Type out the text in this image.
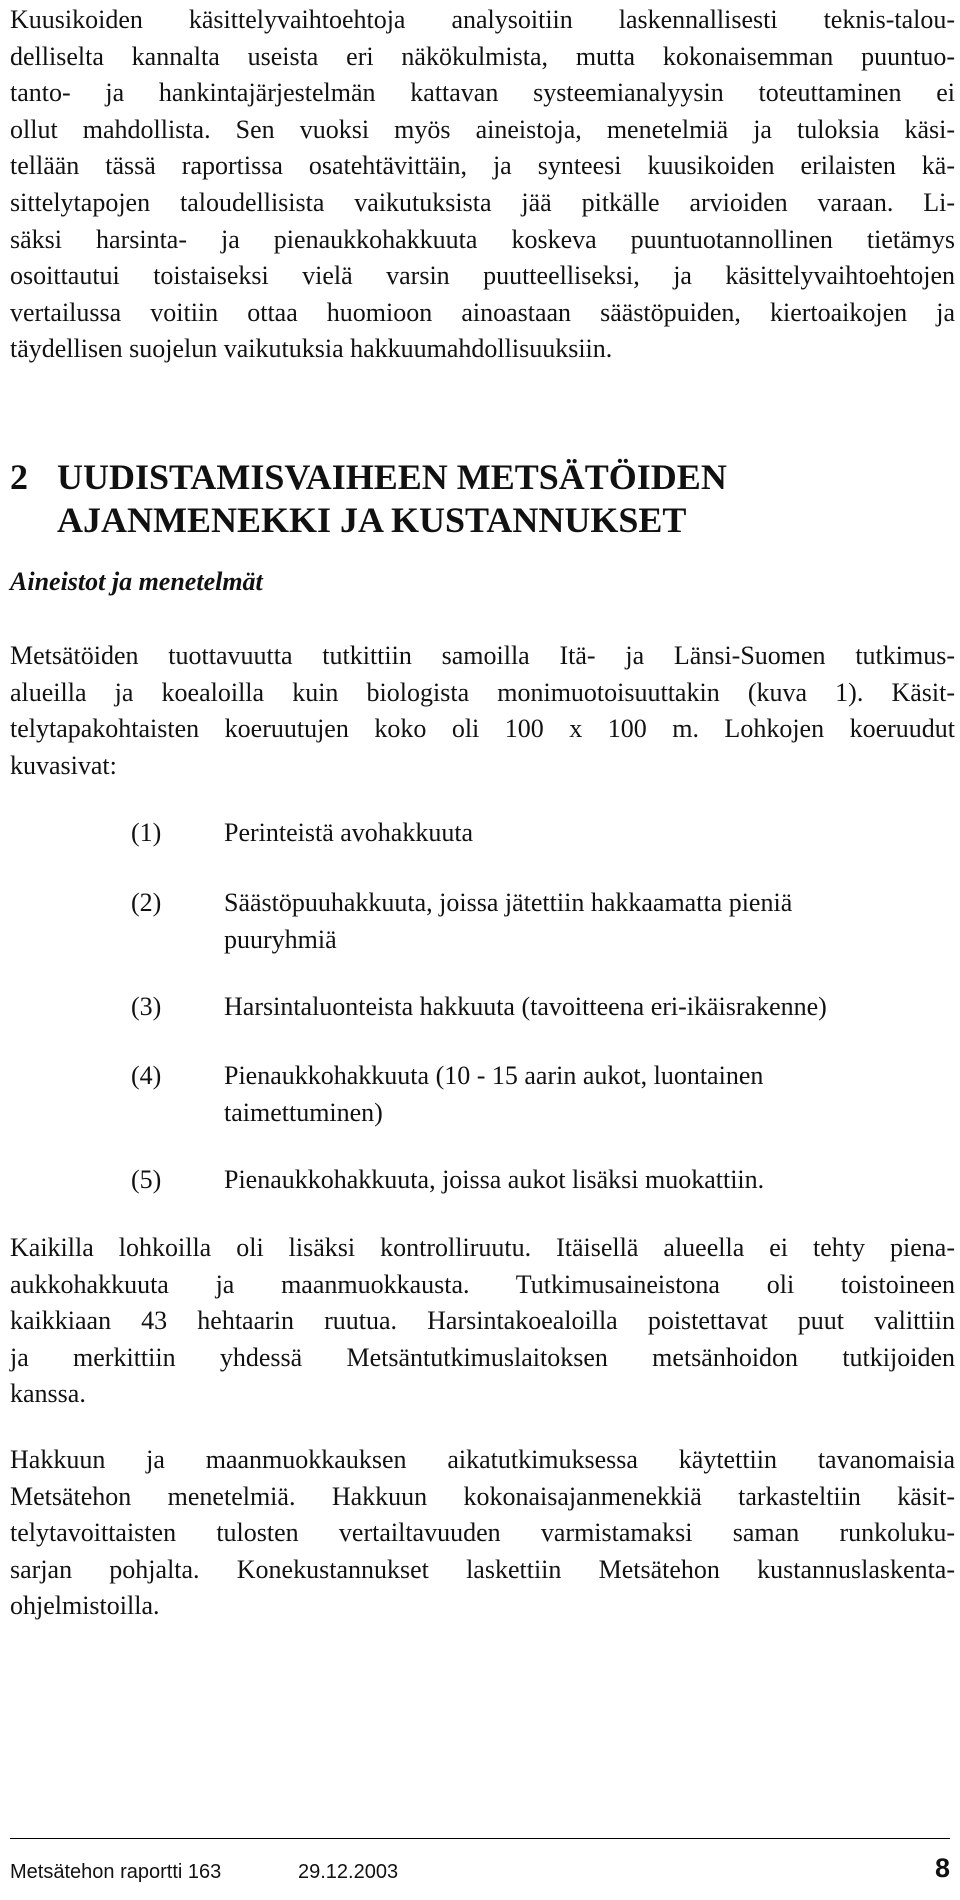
Kuusikoiden käsittelyvaihtoehtoja analysoitiin laskennallisesti teknis-talou-
delliselta kannalta useista eri näkökulmista, mutta kokonaisemman puuntuo-
tanto- ja hankintajärjestelmän kattavan systeemianalyysin toteuttaminen ei
ollut mahdollista. Sen vuoksi myös aineistoja, menetelmiä ja tuloksia käsi-
tellään tässä raportissa osatehtävittäin, ja synteesi kuusikoiden erilaisten kä-
sittelytapojen taloudellisista vaikutuksista jää pitkälle arvioiden varaan. Li-
säksi harsinta- ja pienaukkohakkuuta koskeva puuntuotannollinen tietämys
osoittautui toistaiseksi vielä varsin puutteelliseksi, ja käsittelyvaihtoehtojen
vertailussa voitiin ottaa huomioon ainoastaan säästöpuiden, kiertoaikojen ja
täydellisen suojelun vaikutuksia hakkuumahdollisuuksiin.
2 UUDISTAMISVAIHEEN METSÄTÖIDEN
AJANMENEKKI JA KUSTANNUKSET
Aineistot ja menetelmät
Metsätöiden tuottavuutta tutkittiin samoilla Itä- ja Länsi-Suomen tutkimus-
alueilla ja koealoilla kuin biologista monimuotoisuuttakin (kuva 1). Käsit-
telytapakohtaisten koeruutujen koko oli 100 x 100 m. Lohkojen koeruudut
kuvasivat:
(1) Perinteistä avohakkuuta
(2) Säästöpuuhakkuuta, joissa jätettiin hakkaamatta pieniä
puuryhmiä
(3) Harsintaluonteista hakkuuta (tavoitteena eri-ikäisrakenne)
(4) Pienaukkohakkuuta (10 - 15 aarin aukot, luontainen
taimettuminen)
(5) Pienaukkohakkuuta, joissa aukot lisäksi muokattiin.
Kaikilla lohkoilla oli lisäksi kontrolliruutu. Itäisellä alueella ei tehty piena-
aukkohakkuuta ja maanmuokkausta. Tutkimusaineistona oli toistoineen
kaikkiaan 43 hehtaarin ruutua. Harsintakoealoilla poistettavat puut valittiin
ja merkittiin yhdessä Metsäntutkimuslaitoksen metsänhoidon tutkijoiden
kanssa.
Hakkuun ja maanmuokkauksen aikatutkimuksessa käytettiin tavanomaisia
Metsätehon menetelmiä. Hakkuun kokonaisajanmenekkiä tarkasteltiin käsit-
telytavoittaisten tulosten vertailtavuuden varmistamaksi saman runkoluku-
sarjan pohjalta. Konekustannukset laskettiin Metsätehon kustannuslaskenta-
ohjelmistoilla.
Metsätehon raportti 163	29.12.2003	8
